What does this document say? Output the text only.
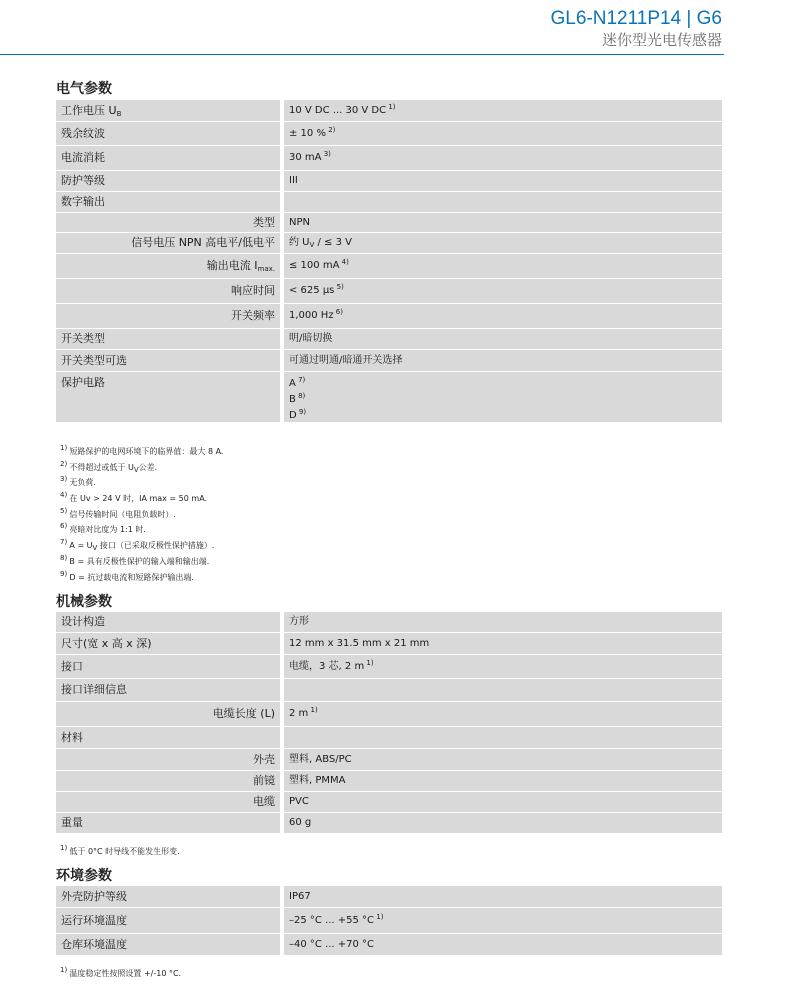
GL6-N1211P14 | G6
迷你型光电传感器
电气参数
工作电压 $U_B$	10 V DC ... 30 V DC $^{1)}$
残余纹波	± 10 % $^{2)}$
电流消耗	30 mA $^{3)}$
防护等级	III
数字输出
类型	NPN
信号电压 NPN 高电平/低电平	约 $U_V$ / ≤ 3 V
输出电流 $I_{max.}$	≤ 100 mA $^{4)}$
响应时间	< 625 μs $^{5)}$
开关频率	1,000 Hz $^{6)}$
开关类型	明/暗切换
开关类型可选	可通过明通/暗通开关选择
保护电路	A $^{7)}$
B $^{8)}$
D $^{9)}$
$^{1)}$ 短路保护的电网环境下的临界值：最大 8 A.
$^{2)}$ 不得超过或低于 $U_V$公差.
$^{3)}$ 无负荷.
$^{4)}$ 在 Uv > 24 V 时，IA max = 50 mA.
$^{5)}$ 信号传输时间（电阻负载时）.
$^{6)}$ 亮暗对比度为 1:1 时.
$^{7)}$ $A = U_V$ 接口（已采取反极性保护措施）.
$^{8)}$ B = 具有反极性保护的输入端和输出端.
$^{9)}$ D = 抗过载电流和短路保护输出端.
机械参数
设计构造	方形
尺寸(宽 x 高 x 深)	12 mm x 31.5 mm x 21 mm
接口	电缆，3 芯, 2 m $^{1)}$
接口详细信息
电缆长度 (L)	2 m $^{1)}$
材料
外壳	塑料, ABS/PC
前镜	塑料, PMMA
电缆	PVC
重量	60 g
$^{1)}$ 低于 0°C 时导线不能发生形变.
环境参数
外壳防护等级	IP67
运行环境温度	–25 °C ... +55 °C $^{1)}$
仓库环境温度	–40 °C ... +70 °C
$^{1)}$ 温度稳定性按照设置 +/-10 °C.
